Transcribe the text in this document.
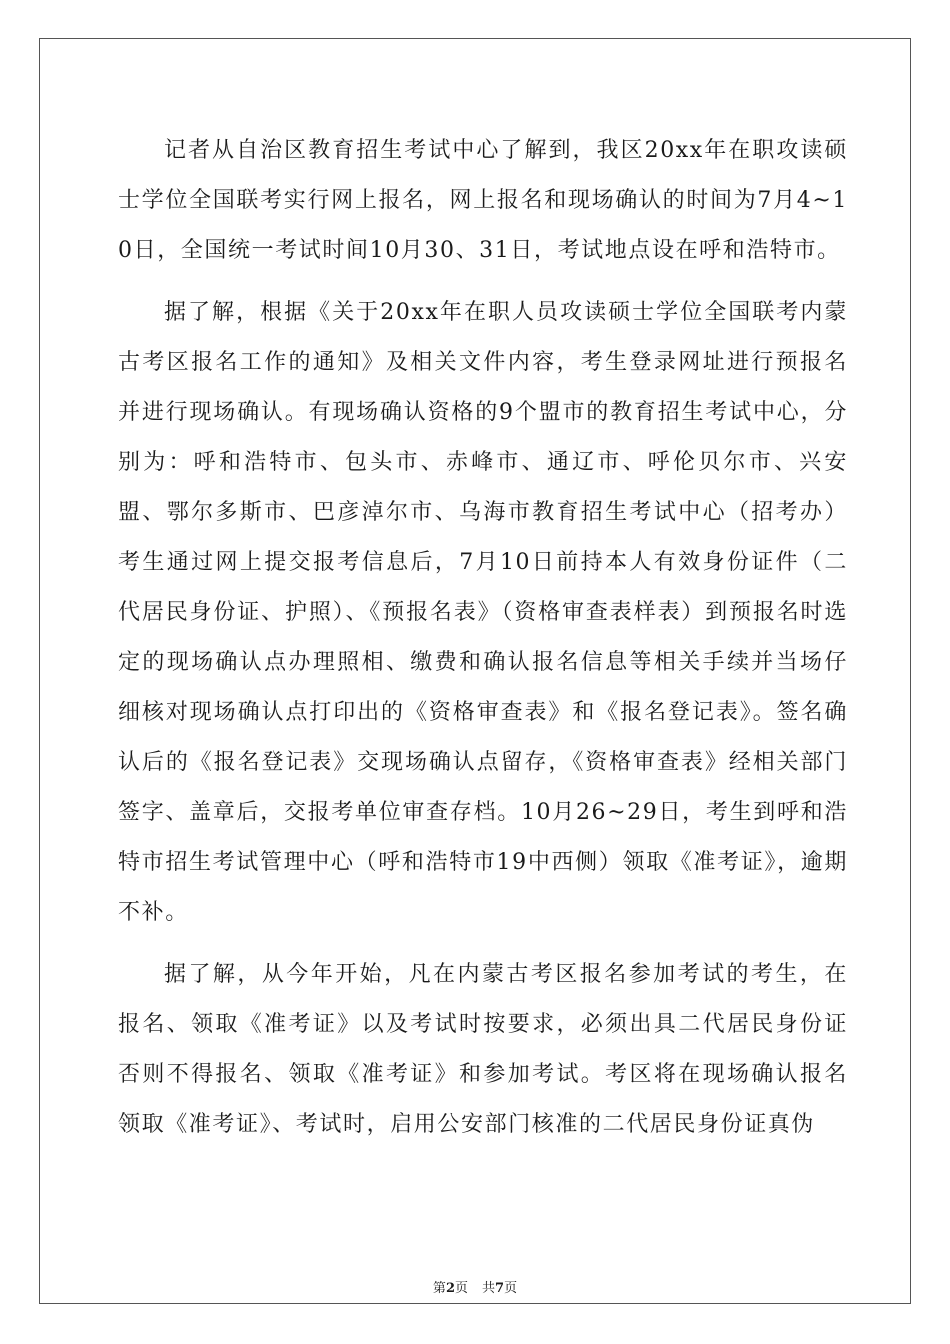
记者从自治区教育招生考试中心了解到，我区20xx年在职攻读硕士学位全国联考实行网上报名，网上报名和现场确认的时间为7月4~10日，全国统一考试时间10月30、31日，考试地点设在呼和浩特市。

据了解，根据《关于20xx年在职人员攻读硕士学位全国联考内蒙古考区报名工作的通知》及相关文件内容，考生登录网址进行预报名并进行现场确认。有现场确认资格的9个盟市的教育招生考试中心，分别为：呼和浩特市、包头市、赤峰市、通辽市、呼伦贝尔市、兴安盟、鄂尔多斯市、巴彦淖尔市、乌海市教育招生考试中心（招考办）考生通过网上提交报考信息后，7月10日前持本人有效身份证件（二代居民身份证、护照）、《预报名表》（资格审查表样表）到预报名时选定的现场确认点办理照相、缴费和确认报名信息等相关手续并当场仔细核对现场确认点打印出的《资格审查表》和《报名登记表》。签名确认后的《报名登记表》交现场确认点留存，《资格审查表》经相关部门签字、盖章后，交报考单位审查存档。10月26~29日，考生到呼和浩特市招生考试管理中心（呼和浩特市19中西侧）领取《准考证》，逾期不补。

据了解，从今年开始，凡在内蒙古考区报名参加考试的考生，在报名、领取《准考证》以及考试时按要求，必须出具二代居民身份证否则不得报名、领取《准考证》和参加考试。考区将在现场确认报名领取《准考证》、考试时，启用公安部门核准的二代居民身份证真伪

第2页 共7页
